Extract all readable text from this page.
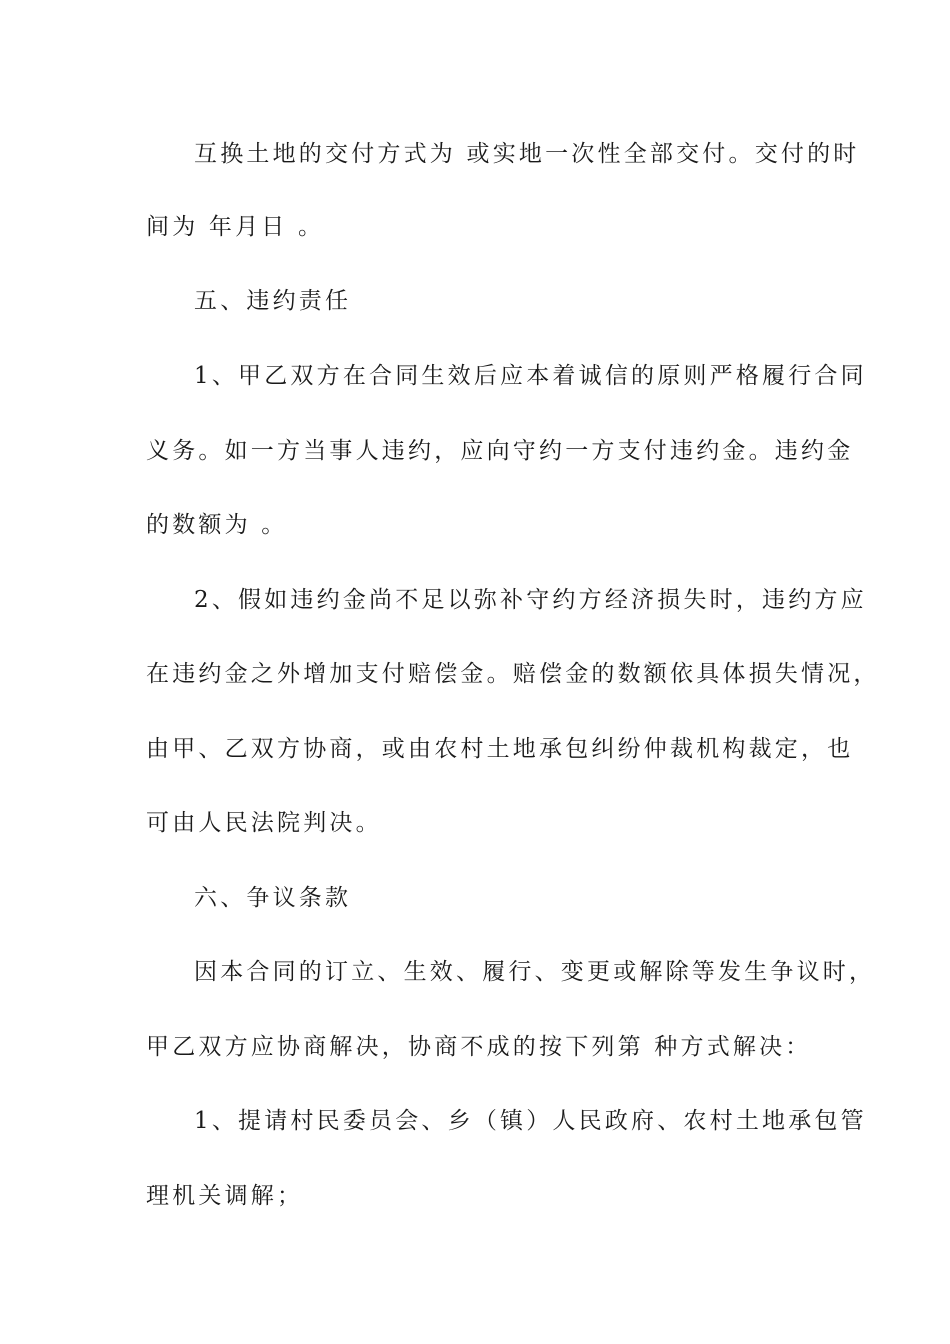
互换土地的交付方式为 或实地一次性全部交付。交付的时
间为 年月日 。
五、违约责任
1、甲乙双方在合同生效后应本着诚信的原则严格履行合同
义务。如一方当事人违约，应向守约一方支付违约金。违约金
的数额为 。
2、假如违约金尚不足以弥补守约方经济损失时，违约方应
在违约金之外增加支付赔偿金。赔偿金的数额依具体损失情况，
由甲、乙双方协商，或由农村土地承包纠纷仲裁机构裁定，也
可由人民法院判决。
六、争议条款
因本合同的订立、生效、履行、变更或解除等发生争议时，
甲乙双方应协商解决，协商不成的按下列第 种方式解决：
1、提请村民委员会、乡（镇）人民政府、农村土地承包管
理机关调解；
